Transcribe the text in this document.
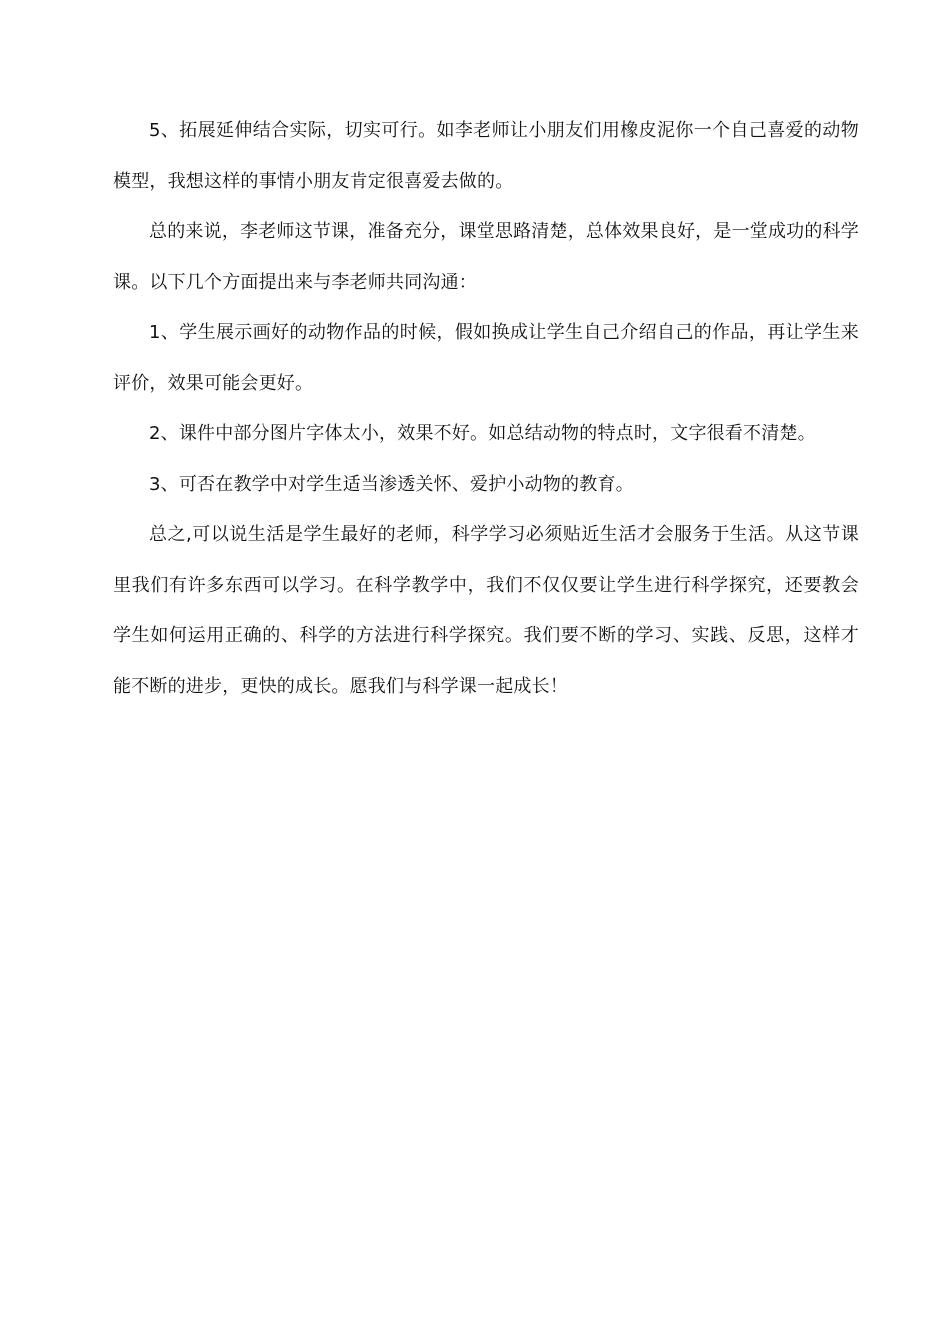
5、拓展延伸结合实际，切实可行。如李老师让小朋友们用橡皮泥你一个自己喜爱的动物模型，我想这样的事情小朋友肯定很喜爱去做的。

总的来说，李老师这节课，准备充分，课堂思路清楚，总体效果良好，是一堂成功的科学课。以下几个方面提出来与李老师共同沟通：

1、学生展示画好的动物作品的时候，假如换成让学生自己介绍自己的作品，再让学生来评价，效果可能会更好。

2、课件中部分图片字体太小，效果不好。如总结动物的特点时，文字很看不清楚。

3、可否在教学中对学生适当渗透关怀、爱护小动物的教育。

总之,可以说生活是学生最好的老师，科学学习必须贴近生活才会服务于生活。从这节课里我们有许多东西可以学习。在科学教学中，我们不仅仅要让学生进行科学探究，还要教会学生如何运用正确的、科学的方法进行科学探究。我们要不断的学习、实践、反思，这样才能不断的进步，更快的成长。愿我们与科学课一起成长！
